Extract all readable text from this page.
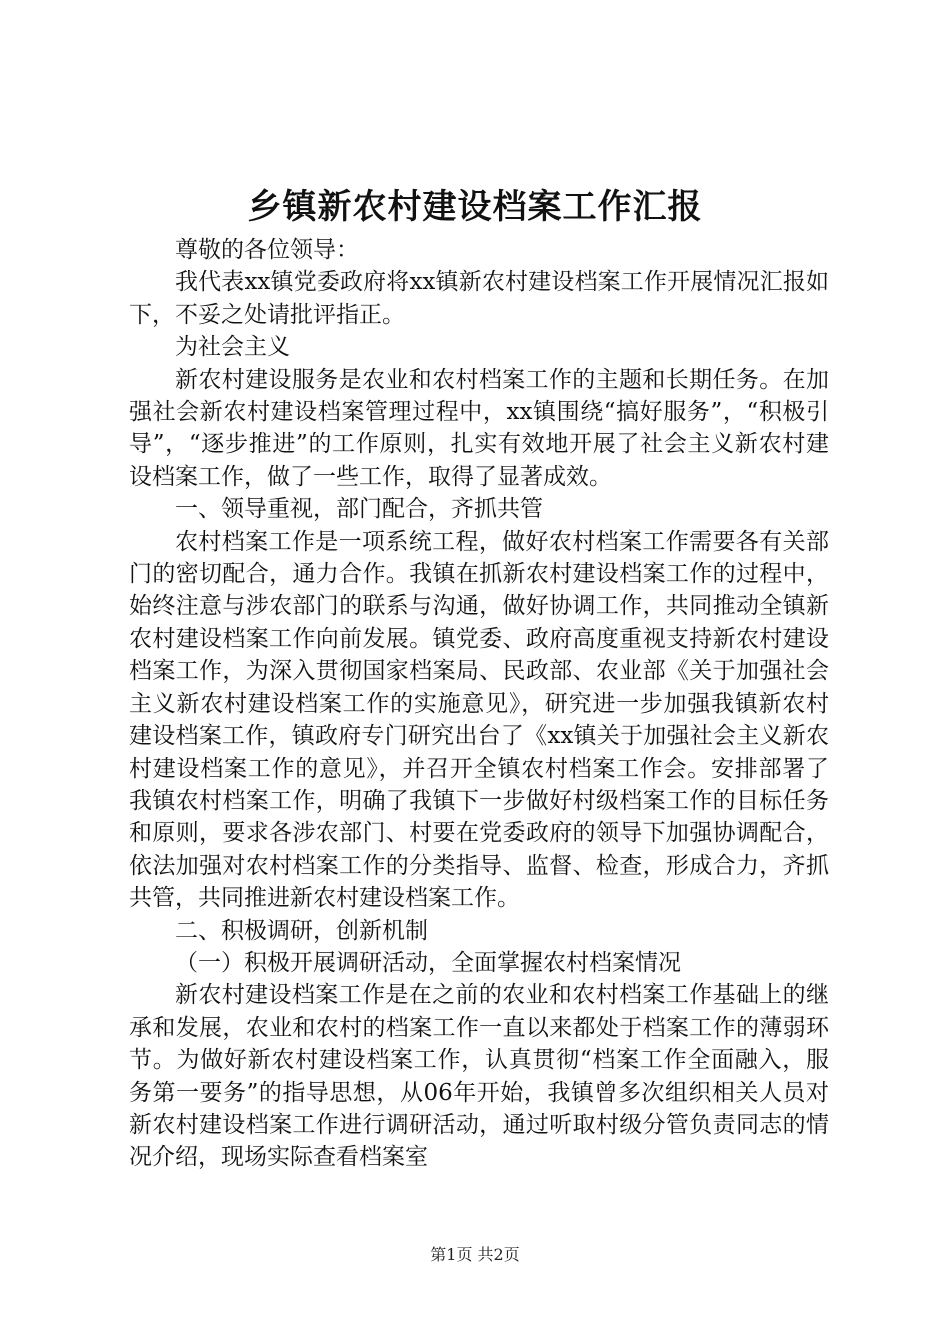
乡镇新农村建设档案工作汇报

尊敬的各位领导：

我代表xx镇党委政府将xx镇新农村建设档案工作开展情况汇报如下，不妥之处请批评指正。

为社会主义

新农村建设服务是农业和农村档案工作的主题和长期任务。在加强社会新农村建设档案管理过程中，xx镇围绕“搞好服务”，“积极引导”，“逐步推进”的工作原则，扎实有效地开展了社会主义新农村建设档案工作，做了一些工作，取得了显著成效。

一、领导重视，部门配合，齐抓共管

农村档案工作是一项系统工程，做好农村档案工作需要各有关部门的密切配合，通力合作。我镇在抓新农村建设档案工作的过程中，始终注意与涉农部门的联系与沟通，做好协调工作，共同推动全镇新农村建设档案工作向前发展。镇党委、政府高度重视支持新农村建设档案工作，为深入贯彻国家档案局、民政部、农业部《关于加强社会主义新农村建设档案工作的实施意见》，研究进一步加强我镇新农村建设档案工作，镇政府专门研究出台了《xx镇关于加强社会主义新农村建设档案工作的意见》，并召开全镇农村档案工作会。安排部署了我镇农村档案工作，明确了我镇下一步做好村级档案工作的目标任务和原则，要求各涉农部门、村要在党委政府的领导下加强协调配合，依法加强对农村档案工作的分类指导、监督、检查，形成合力，齐抓共管，共同推进新农村建设档案工作。

二、积极调研，创新机制

（一）积极开展调研活动，全面掌握农村档案情况

新农村建设档案工作是在之前的农业和农村档案工作基础上的继承和发展，农业和农村的档案工作一直以来都处于档案工作的薄弱环节。为做好新农村建设档案工作，认真贯彻“档案工作全面融入，服务第一要务”的指导思想，从06年开始，我镇曾多次组织相关人员对新农村建设档案工作进行调研活动，通过听取村级分管负责同志的情况介绍，现场实际查看档案室

第1页 共2页
